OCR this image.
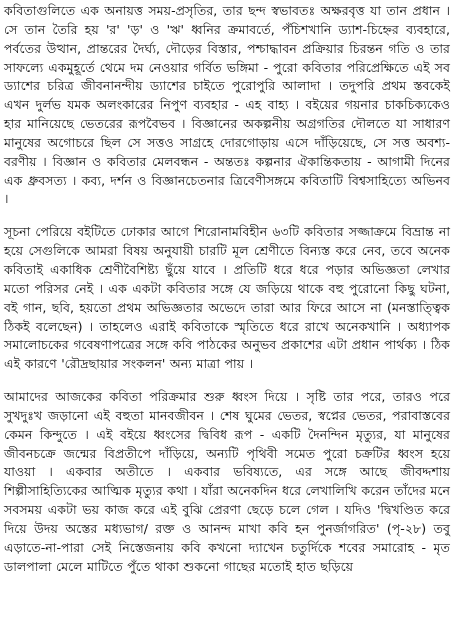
কবিতাগুলিতে এক অনায়ত্ত সময়-প্রসৃতির, তার ছন্দ স্বভাবতঃ অক্ষরবৃত্ত যা তান প্রধান । সে তান তৈরি হয় 'র' 'ড়' ও 'ঋ' ধ্বনির ক্রমাবর্তে, পঁচিশখানি ড্যাশ-চিহ্নের ব্যবহারে, পর্বতের উত্থান, প্রান্তরের দৈর্ঘ্য, দৌড়ের বিস্তার, পশ্চাদ্ধাবন প্রক্রিয়ার চিরন্তন গতি ও তার সাফল্যে একমুহূর্তে থেমে দম নেওয়ার গর্বিত ভঙ্গিমা - পুরো কবিতার পরিপ্রেক্ষিতে এই সব ড্যাশের চরিত্র জীবনানন্দীয় ড্যাশের চাইতে পুরোপুরি আলাদা । তদুপরি প্রথম স্তবকেই এখন দুর্লভ যমক অলংকারের নিপুণ ব্যবহার - এহ বাহ্য । বইয়ের গয়নার চাকচিক্যকেও হার মানিয়েছে ভেতরের রূপবৈভব । বিজ্ঞানের অকল্পনীয় অগ্রগতির দৌলতে যা সাধারণ মানুষের অগোচরে ছিল সে সত্তও সাগ্রহে দোরগোড়ায় এসে দাঁড়িয়েছে, সে সত্ত অবশ্য-বরণীয় । বিজ্ঞান ও কবিতার মেলবন্ধন - অন্ততঃ কল্পনার ঐকান্তিকতায় - আগামী দিনের এক ধ্রুবসত্য । কব্য, দর্শন ও বিজ্ঞানচেতনার ত্রিবেণীসঙ্গমে কবিতাটি বিশ্বসাহিত্যে অভিনব ।

সূচনা পেরিয়ে বইটিতে ঢোকার আগে শিরোনামবিহীন ৬৩টি কবিতার সজ্জাক্রমে বিভ্রান্ত না হয়ে সেগুলিকে আমরা বিষয় অনুযায়ী চারটি মূল শ্রেণীতে বিন্যস্ত করে নেব, তবে অনেক কবিতাই একাধিক শ্রেণীবৈশিষ্ট্য ছুঁয়ে যাবে । প্রতিটি ধরে ধরে পড়ার অভিজ্ঞতা লেখার মতো পরিসর নেই । এক একটা কবিতার সঙ্গে যে জড়িয়ে থাকে বহু পুরোনো কিছু ঘটনা, বই গান, ছবি, হয়তো প্রথম অভিজ্ঞতার অভেদে তারা আর ফিরে আসে না (মনস্তাত্ত্বিক ঠিকই বলেছেন) । তাহলেও এরাই কবিতাকে স্মৃতিতে ধরে রাখে অনেকখানি । অধ্যাপক সমালোচকের গবেষণাপত্রের সঙ্গে কবি পাঠকের অনুভব প্রকাশের এটা প্রধান পার্থক্য । ঠিক এই কারণে 'রৌদ্রছায়ার সংকলন' অন্য মাত্রা পায় ।

আমাদের আজকের কবিতা পরিক্রমার শুরু ধ্বংস দিয়ে । সৃষ্টি তার পরে, তারও পরে সুখদুঃখ জড়ানো এই বহুতা মানবজীবন । শেষ ঘুমের ভেতর, স্বপ্নের ভেতর, পরাবাস্তবের কেমন কিন্দুতে । এই বইয়ে ধ্বংসের দ্বিবিধ রূপ - একটি দৈনন্দিন মৃত্যুর, যা মানুষের জীবনচক্রে জন্মের বিপ্রতীপে দাঁড়িয়ে, অন্যটি পৃথিবী সমেত পুরো চক্রটির ধ্বংস হয়ে যাওয়া । একবার অতীতে । একবার ভবিষ্যতে, এর সঙ্গে আছে জীবদ্দশায় শিল্পীসাহিত্যিকের আত্মিক মৃত্যুর কথা । যাঁরা অনেকদিন ধরে লেখালিখি করেন তাঁদের মনে সবসময় একটা ভয় কাজ করে এই বুঝি প্রেরণা ছেড়ে চলে গেল । যদিও 'দ্বিখণ্ডিত করে দিয়ে উদয় অস্তের মধ্যভাগ/ রক্ত ও আনন্দ মাখা কবি হন পুনর্জাগরিত' (পৃ-২৮) তবু এড়াতে-না-পারা সেই নিস্তেজনায় কবি কখনো দ্যাখেন চতুর্দিকে শবের সমারোহ - মৃত ডালপালা মেলে মাটিতে পুঁতে থাকা শুকনো গাছের মতোই হাত ছড়িয়ে
